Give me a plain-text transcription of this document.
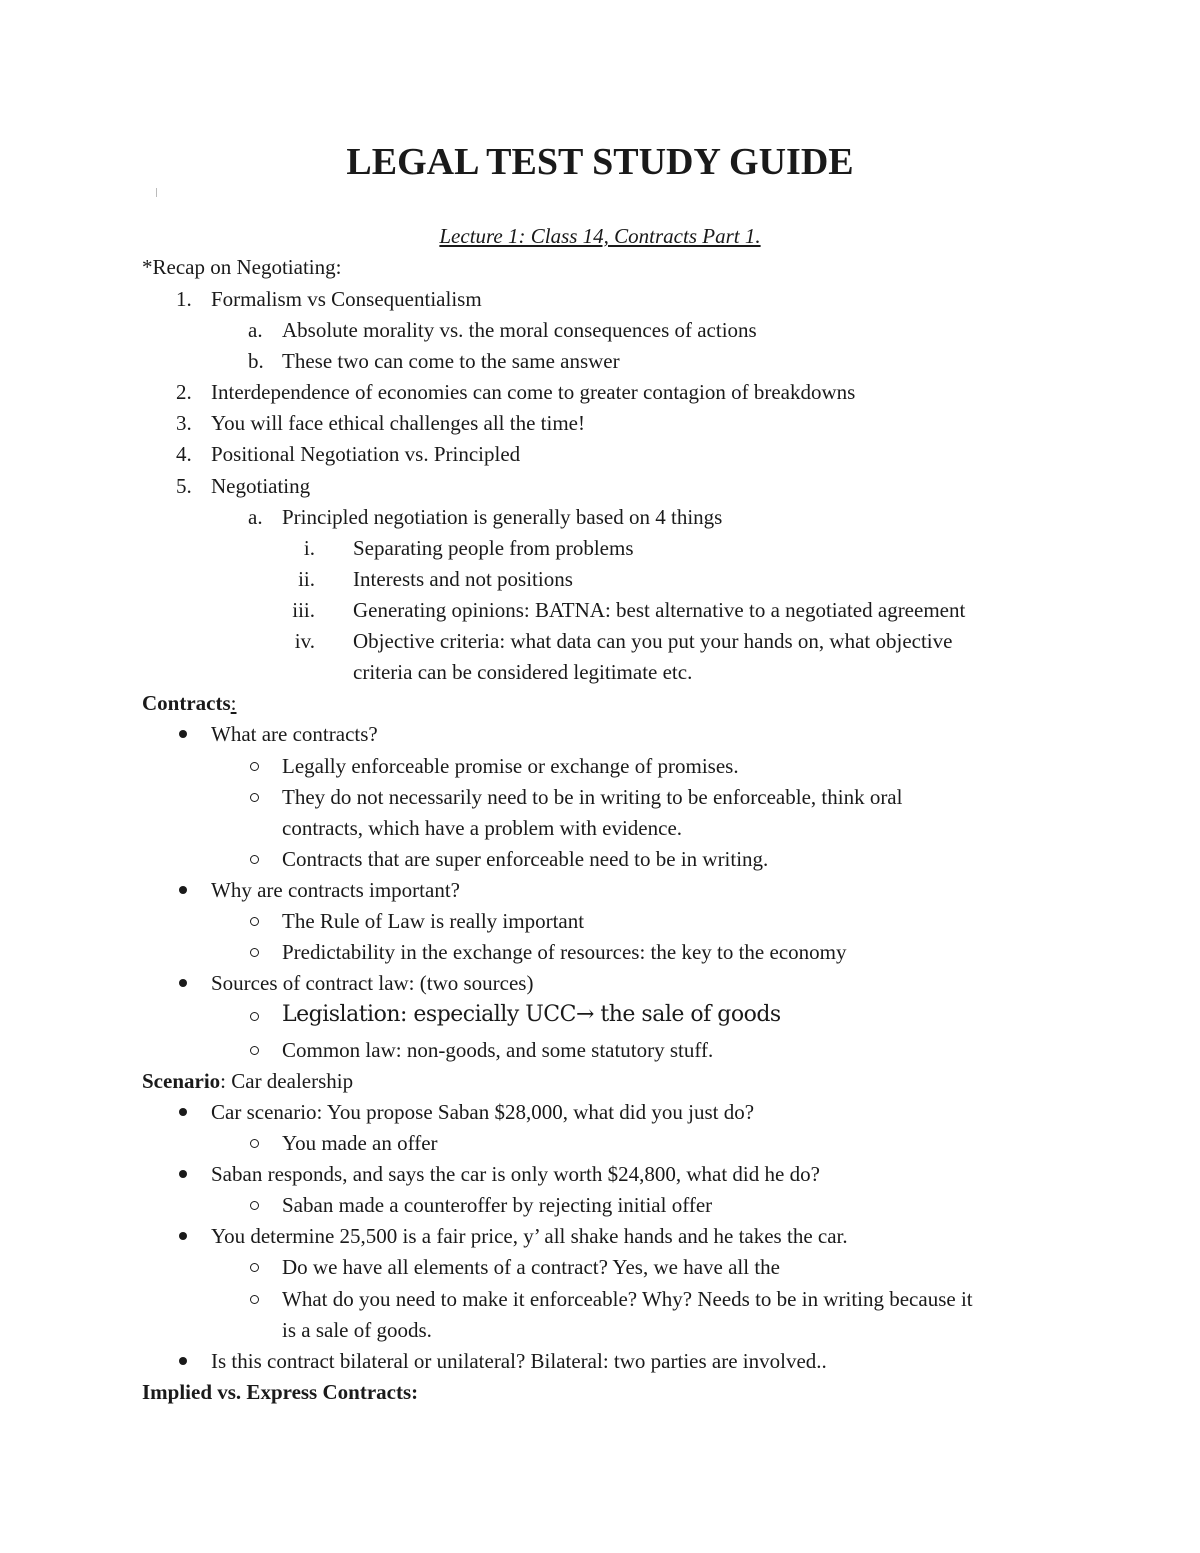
LEGAL TEST STUDY GUIDE
Lecture 1: Class 14, Contracts Part 1.
*Recap on Negotiating:
1. Formalism vs Consequentialism
a. Absolute morality vs. the moral consequences of actions
b. These two can come to the same answer
2. Interdependence of economies can come to greater contagion of breakdowns
3. You will face ethical challenges all the time!
4. Positional Negotiation vs. Principled
5. Negotiating
a. Principled negotiation is generally based on 4 things
i. Separating people from problems
ii. Interests and not positions
iii. Generating opinions: BATNA: best alternative to a negotiated agreement
iv. Objective criteria: what data can you put your hands on, what objective
criteria can be considered legitimate etc.
Contracts:
What are contracts?
Legally enforceable promise or exchange of promises.
They do not necessarily need to be in writing to be enforceable, think oral
contracts, which have a problem with evidence.
Contracts that are super enforceable need to be in writing.
Why are contracts important?
The Rule of Law is really important
Predictability in the exchange of resources: the key to the economy
Sources of contract law: (two sources)
Legislation: especially UCC→ the sale of goods
Common law: non-goods, and some statutory stuff.
Scenario: Car dealership
Car scenario: You propose Saban $28,000, what did you just do?
You made an offer
Saban responds, and says the car is only worth $24,800, what did he do?
Saban made a counteroffer by rejecting initial offer
You determine 25,500 is a fair price, y’ all shake hands and he takes the car.
Do we have all elements of a contract? Yes, we have all the
What do you need to make it enforceable? Why? Needs to be in writing because it
is a sale of goods.
Is this contract bilateral or unilateral? Bilateral: two parties are involved..
Implied vs. Express Contracts:
